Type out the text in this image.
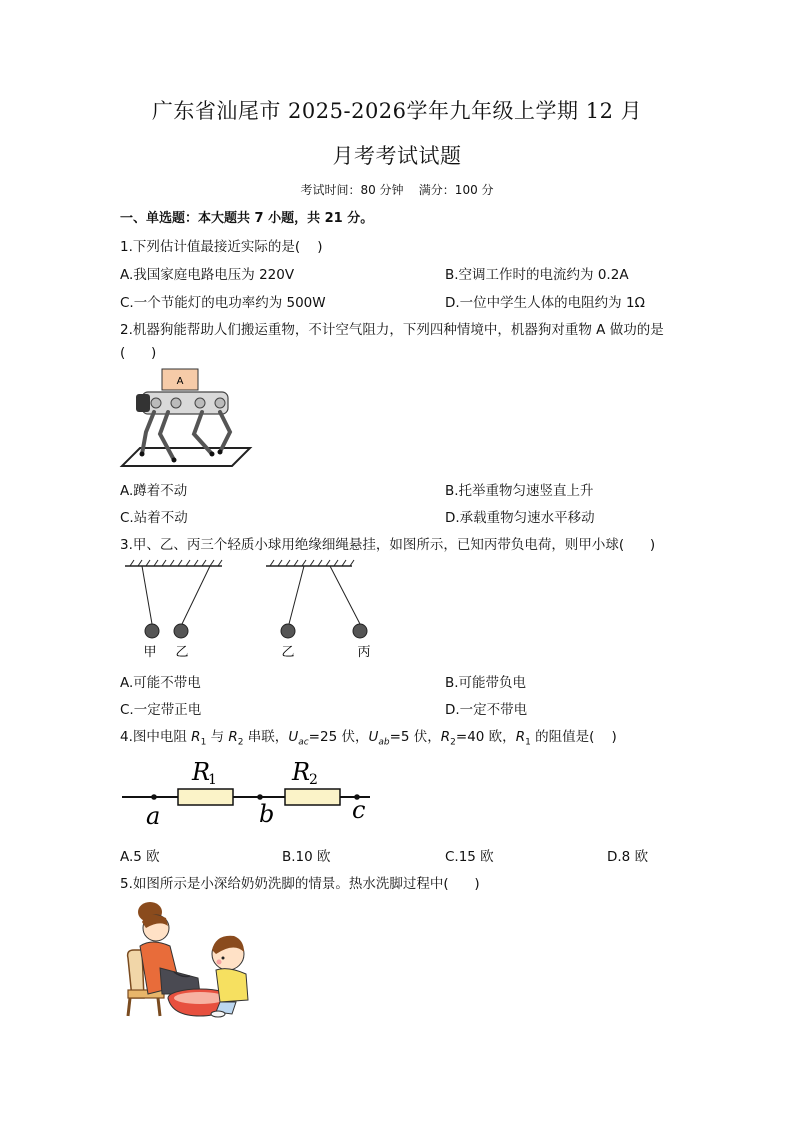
广东省汕尾市 2025-2026学年九年级上学期 12 月
月考考试试题
考试时间：80 分钟    满分：100 分
一、单选题：本大题共 7 小题，共 21 分。
1.下列估计值最接近实际的是(    )
A.我国家庭电路电压为 220V	B.空调工作时的电流约为 0.2A
C.一个节能灯的电功率约为 500W	D.一位中学生人体的电阻约为 1Ω
2.机器狗能帮助人们搬运重物，不计空气阻力，下列四种情境中，机器狗对重物 A 做功的是
(      )
A
A.蹲着不动	B.托举重物匀速竖直上升
C.站着不动	D.承载重物匀速水平移动
3.甲、乙、丙三个轻质小球用绝缘细绳悬挂，如图所示，已知丙带负电荷，则甲小球(      )
甲 乙	乙	丙
A.可能不带电	B.可能带负电
C.一定带正电	D.一定不带电
4.图中电阻 $R_1$ 与 $R_2$ 串联，$U_{ac}=25$ 伏，$U_{ab}=5$ 伏，$R_2=40$ 欧，$R_1$ 的阻值是(    )
R
1	R
2
a	b	c
A.5 欧	B.10 欧	C.15 欧	D.8 欧
5.如图所示是小深给奶奶洗脚的情景。热水洗脚过程中(      )
